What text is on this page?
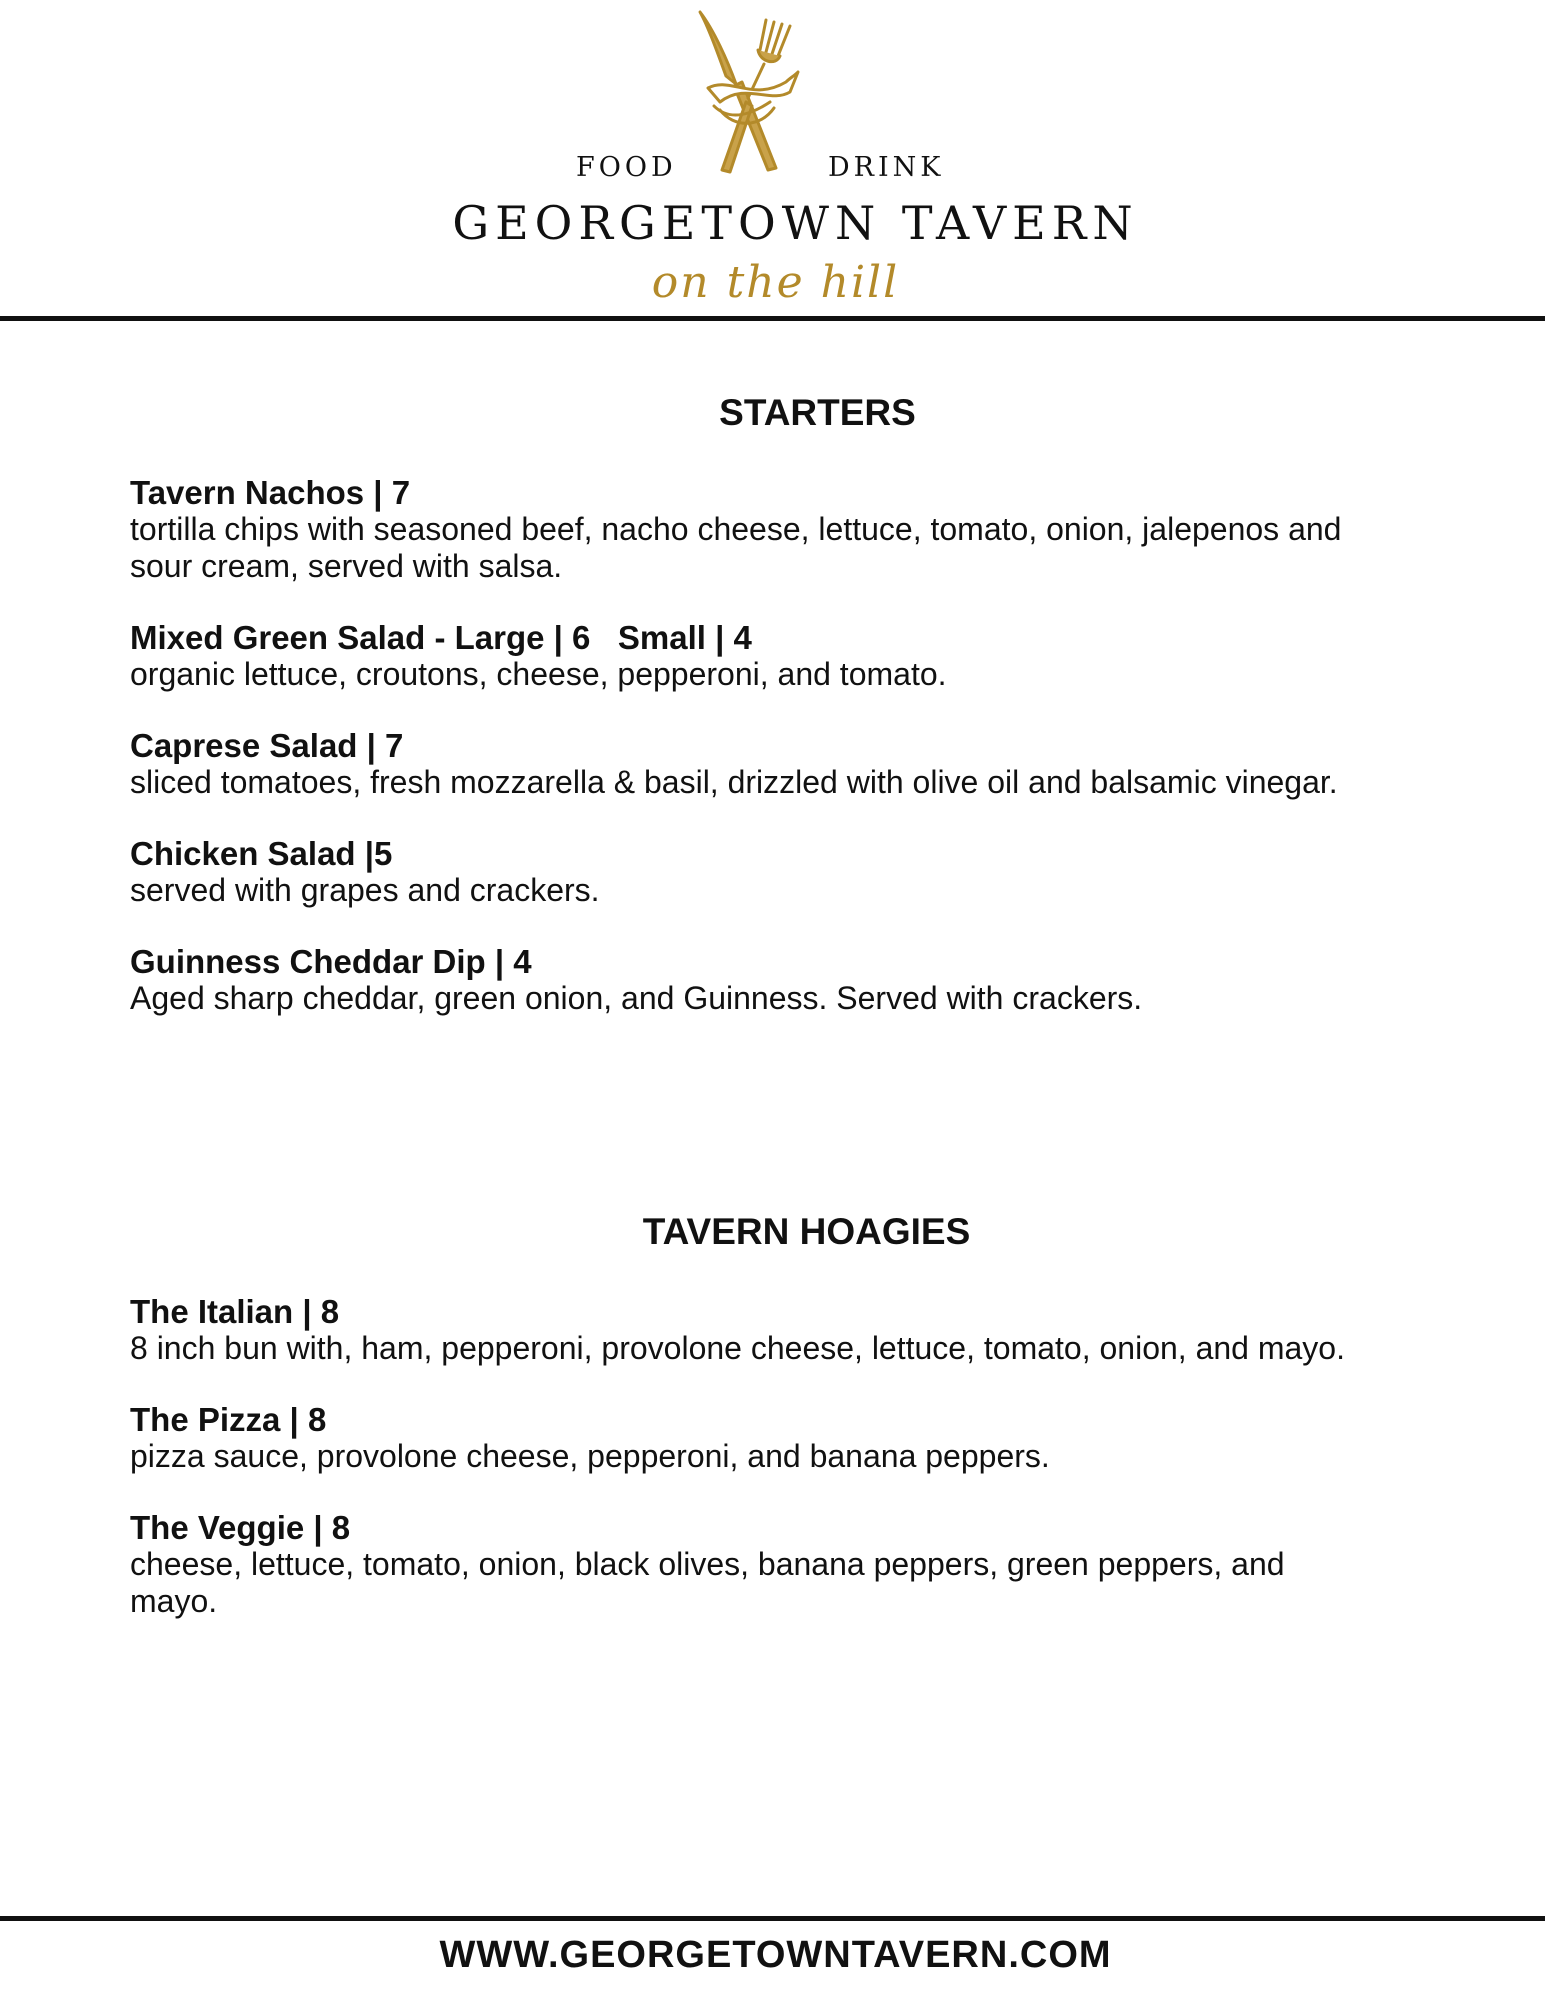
FOOD	DRINK
GEORGETOWN TAVERN
on the hill
STARTERS
Tavern Nachos | 7
tortilla chips with seasoned beef, nacho cheese, lettuce, tomato, onion, jalepenos and sour cream, served with salsa.
Mixed Green Salad - Large | 6   Small | 4
organic lettuce, croutons, cheese, pepperoni, and tomato.
Caprese Salad | 7
sliced tomatoes, fresh mozzarella & basil, drizzled with olive oil and balsamic vinegar.
Chicken Salad |5
served with grapes and crackers.
Guinness Cheddar Dip | 4
Aged sharp cheddar, green onion, and Guinness. Served with crackers.
TAVERN HOAGIES
The Italian | 8
8 inch bun with, ham, pepperoni, provolone cheese, lettuce, tomato, onion, and mayo.
The Pizza | 8
pizza sauce, provolone cheese, pepperoni, and banana peppers.
The Veggie | 8
cheese, lettuce, tomato, onion, black olives, banana peppers, green peppers, and mayo.
WWW.GEORGETOWNTAVERN.COM
